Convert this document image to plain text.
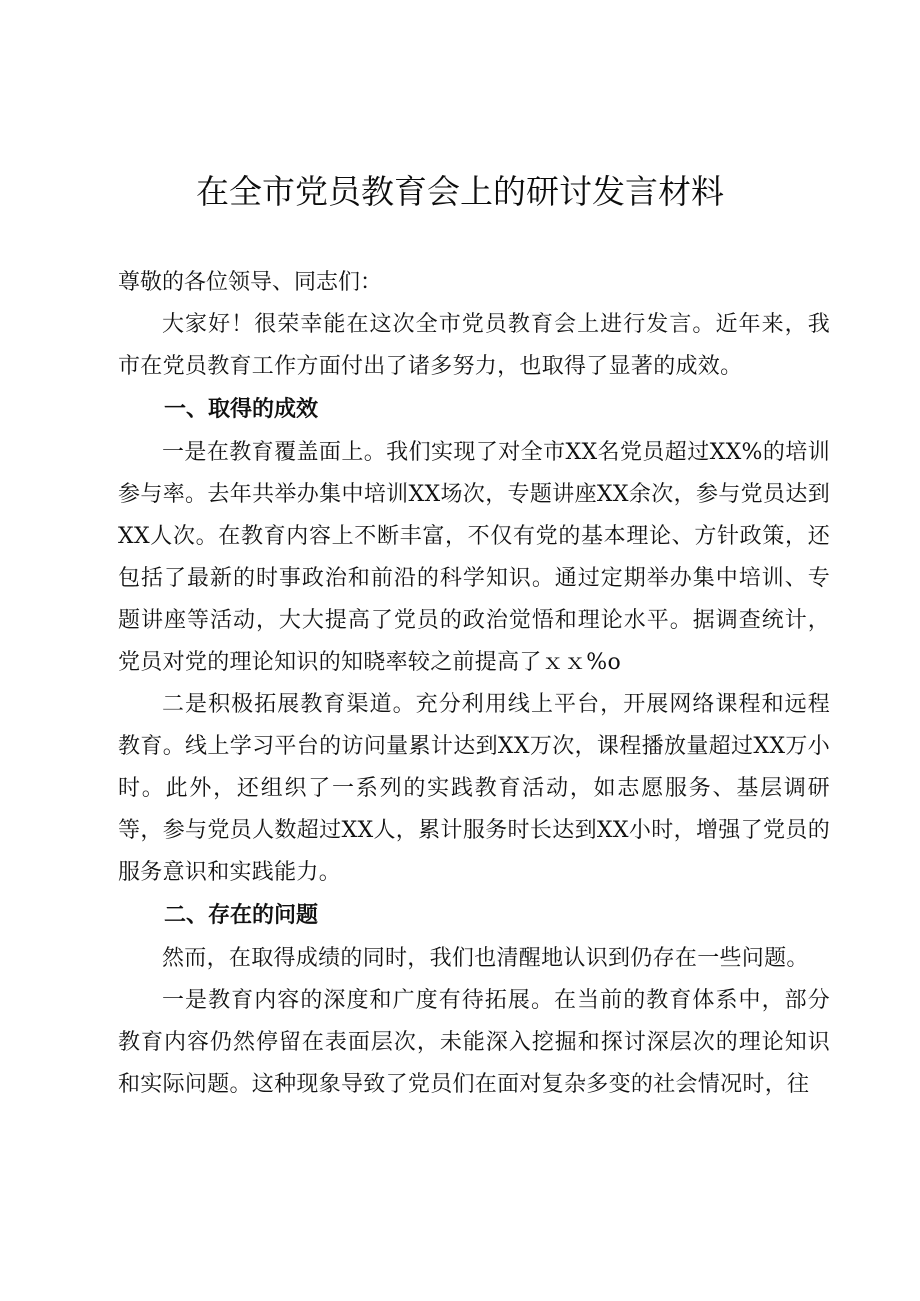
在全市党员教育会上的研讨发言材料

尊敬的各位领导、同志们：

大家好！很荣幸能在这次全市党员教育会上进行发言。近年来，我市在党员教育工作方面付出了诸多努力，也取得了显著的成效。

一、取得的成效

一是在教育覆盖面上。我们实现了对全市XX名党员超过XX%的培训参与率。去年共举办集中培训XX场次，专题讲座XX余次，参与党员达到XX人次。在教育内容上不断丰富，不仅有党的基本理论、方针政策，还包括了最新的时事政治和前沿的科学知识。通过定期举办集中培训、专题讲座等活动，大大提高了党员的政治觉悟和理论水平。据调查统计，党员对党的理论知识的知晓率较之前提高了ｘｘ%o

二是积极拓展教育渠道。充分利用线上平台，开展网络课程和远程教育。线上学习平台的访问量累计达到XX万次，课程播放量超过XX万小时。此外，还组织了一系列的实践教育活动，如志愿服务、基层调研等，参与党员人数超过XX人，累计服务时长达到XX小时，增强了党员的服务意识和实践能力。

二、存在的问题

然而，在取得成绩的同时，我们也清醒地认识到仍存在一些问题。

一是教育内容的深度和广度有待拓展。在当前的教育体系中，部分教育内容仍然停留在表面层次，未能深入挖掘和探讨深层次的理论知识和实际问题。这种现象导致了党员们在面对复杂多变的社会情况时，往
